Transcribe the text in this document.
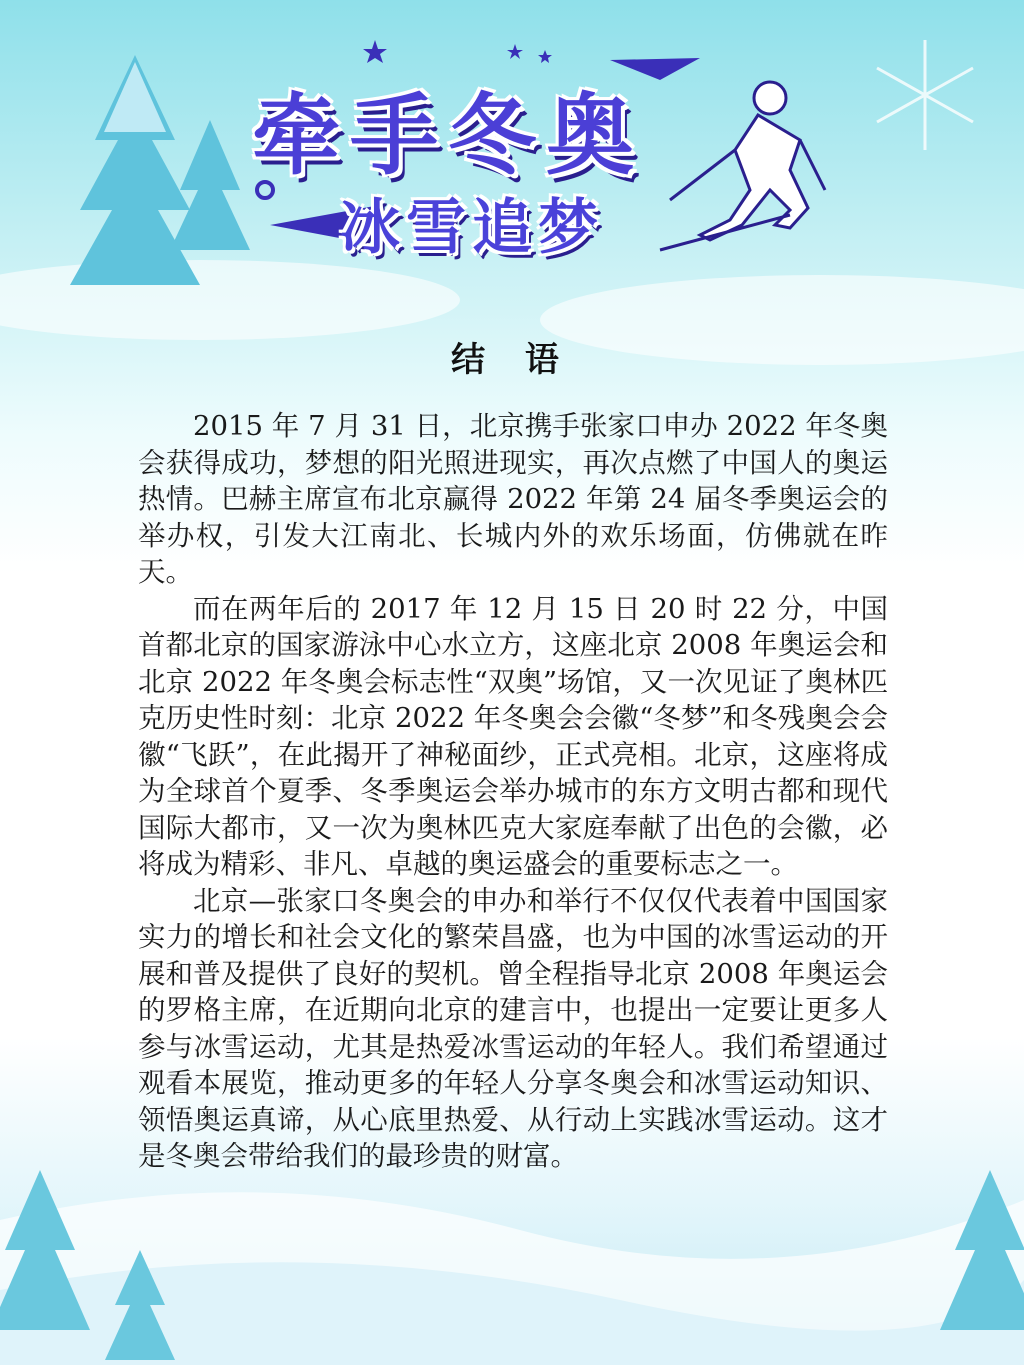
牵手冬奥
冰雪追梦
结 语

2015 年 7 月 31 日，北京携手张家口申办 2022 年冬奥会获得成功，梦想的阳光照进现实，再次点燃了中国人的奥运热情。巴赫主席宣布北京赢得 2022 年第 24 届冬季奥运会的举办权，引发大江南北、长城内外的欢乐场面，仿佛就在昨天。

而在两年后的 2017 年 12 月 15 日 20 时 22 分，中国首都北京的国家游泳中心水立方，这座北京 2008 年奥运会和北京 2022 年冬奥会标志性“双奥”场馆，又一次见证了奥林匹克历史性时刻：北京 2022 年冬奥会会徽“冬梦”和冬残奥会会徽“飞跃”，在此揭开了神秘面纱，正式亮相。北京，这座将成为全球首个夏季、冬季奥运会举办城市的东方文明古都和现代国际大都市，又一次为奥林匹克大家庭奉献了出色的会徽，必将成为精彩、非凡、卓越的奥运盛会的重要标志之一。

北京—张家口冬奥会的申办和举行不仅仅代表着中国国家实力的增长和社会文化的繁荣昌盛，也为中国的冰雪运动的开展和普及提供了良好的契机。曾全程指导北京 2008 年奥运会的罗格主席，在近期向北京的建言中，也提出一定要让更多人参与冰雪运动，尤其是热爱冰雪运动的年轻人。我们希望通过观看本展览，推动更多的年轻人分享冬奥会和冰雪运动知识、领悟奥运真谛，从心底里热爱、从行动上实践冰雪运动。这才是冬奥会带给我们的最珍贵的财富。
